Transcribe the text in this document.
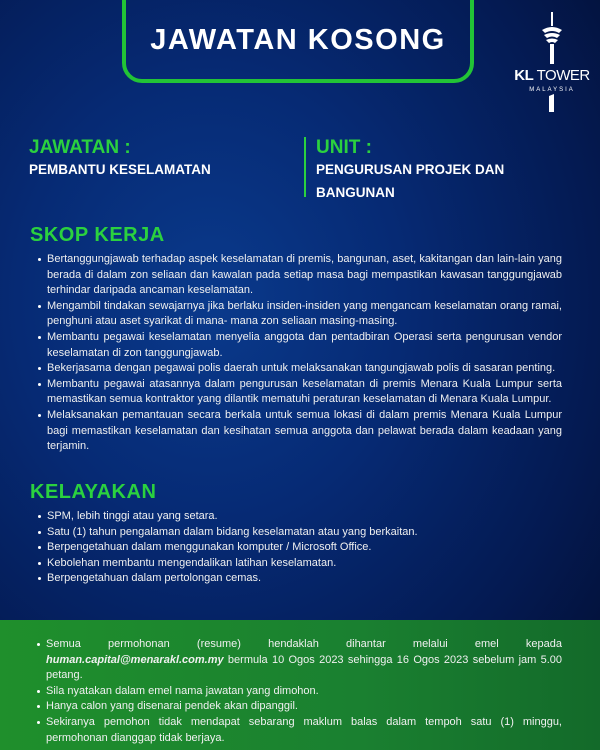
JAWATAN KOSONG
KL TOWER
MALAYSIA
JAWATAN :
PEMBANTU KESELAMATAN
UNIT :
PENGURUSAN PROJEK DAN
BANGUNAN
SKOP KERJA
Bertanggungjawab terhadap aspek keselamatan di premis, bangunan, aset, kakitangan dan lain-lain yang berada di dalam zon seliaan dan kawalan pada setiap masa bagi mempastikan kawasan tanggungjawab terhindar daripada ancaman keselamatan.
Mengambil tindakan sewajarnya jika berlaku insiden-insiden yang mengancam keselamatan orang ramai, penghuni atau aset syarikat di mana- mana zon seliaan masing-masing.
Membantu pegawai keselamatan menyelia anggota dan pentadbiran Operasi serta pengurusan vendor keselamatan di zon tanggungjawab.
Bekerjasama dengan pegawai polis daerah untuk melaksanakan tangungjawab polis di sasaran penting.
Membantu pegawai atasannya dalam pengurusan keselamatan di premis Menara Kuala Lumpur serta memastikan semua kontraktor yang dilantik mematuhi peraturan keselamatan di Menara Kuala Lumpur.
Melaksanakan pemantauan secara berkala untuk semua lokasi di dalam premis Menara Kuala Lumpur bagi memastikan keselamatan dan kesihatan semua anggota dan pelawat berada dalam keadaan yang terjamin.
KELAYAKAN
SPM, lebih tinggi atau yang setara.
Satu (1) tahun pengalaman dalam bidang keselamatan atau yang berkaitan.
Berpengetahuan dalam menggunakan komputer / Microsoft Office.
Kebolehan membantu mengendalikan latihan keselamatan.
Berpengetahuan dalam pertolongan cemas.
Semua permohonan (resume) hendaklah dihantar melalui emel kepada human.capital@menarakl.com.my bermula 10 Ogos 2023 sehingga 16 Ogos 2023 sebelum jam 5.00 petang.
Sila nyatakan dalam emel nama jawatan yang dimohon.
Hanya calon yang disenarai pendek akan dipanggil.
Sekiranya pemohon tidak mendapat sebarang maklum balas dalam tempoh satu (1) minggu, permohonan dianggap tidak berjaya.
